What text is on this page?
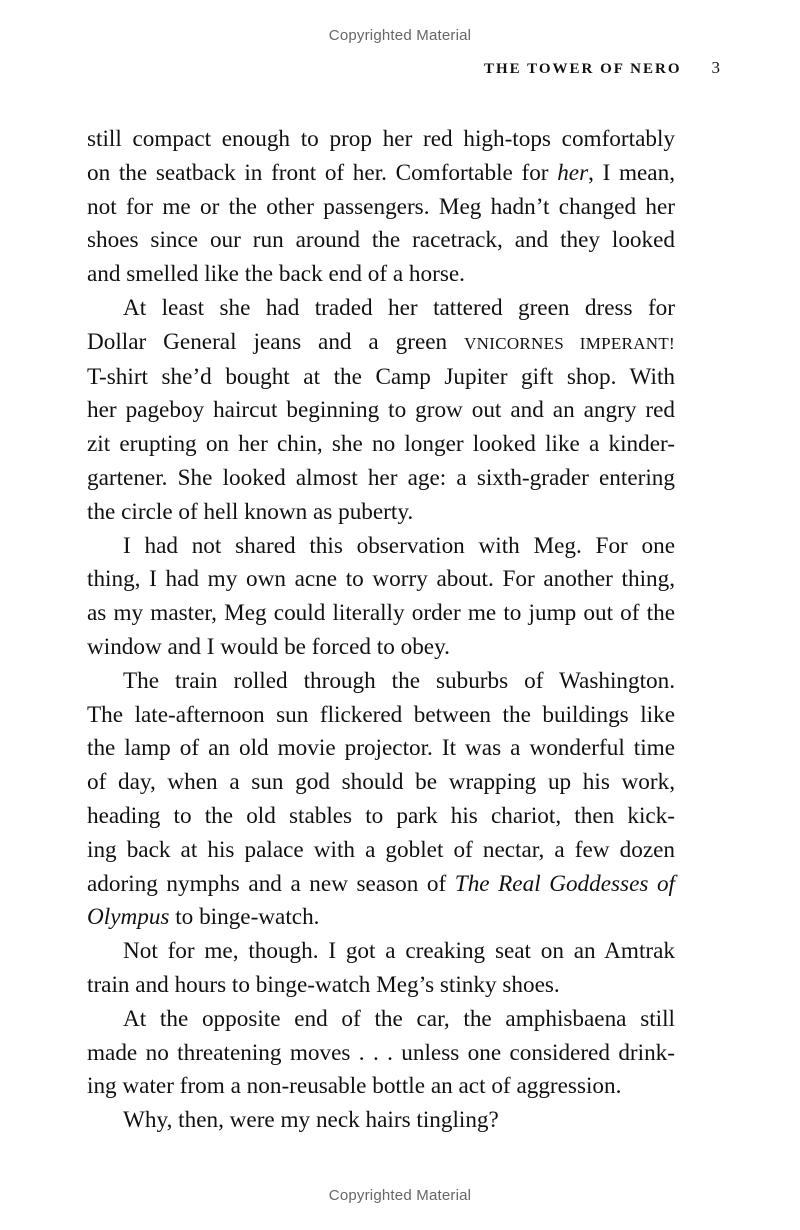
Copyrighted Material
THE TOWER OF NERO 3
still compact enough to prop her red high-tops comfortably
on the seatback in front of her. Comfortable for her, I mean,
not for me or the other passengers. Meg hadn’t changed her
shoes since our run around the racetrack, and they looked
and smelled like the back end of a horse.
At least she had traded her tattered green dress for
Dollar General jeans and a green VNICORNES IMPERANT!
T-shirt she’d bought at the Camp Jupiter gift shop. With
her pageboy haircut beginning to grow out and an angry red
zit erupting on her chin, she no longer looked like a kinder-
gartener. She looked almost her age: a sixth-grader entering
the circle of hell known as puberty.
I had not shared this observation with Meg. For one
thing, I had my own acne to worry about. For another thing,
as my master, Meg could literally order me to jump out of the
window and I would be forced to obey.
The train rolled through the suburbs of Washington.
The late-afternoon sun flickered between the buildings like
the lamp of an old movie projector. It was a wonderful time
of day, when a sun god should be wrapping up his work,
heading to the old stables to park his chariot, then kick-
ing back at his palace with a goblet of nectar, a few dozen
adoring nymphs and a new season of The Real Goddesses of
Olympus to binge-watch.
Not for me, though. I got a creaking seat on an Amtrak
train and hours to binge-watch Meg’s stinky shoes.
At the opposite end of the car, the amphisbaena still
made no threatening moves . . . unless one considered drink-
ing water from a non-reusable bottle an act of aggression.
Why, then, were my neck hairs tingling?
Copyrighted Material
